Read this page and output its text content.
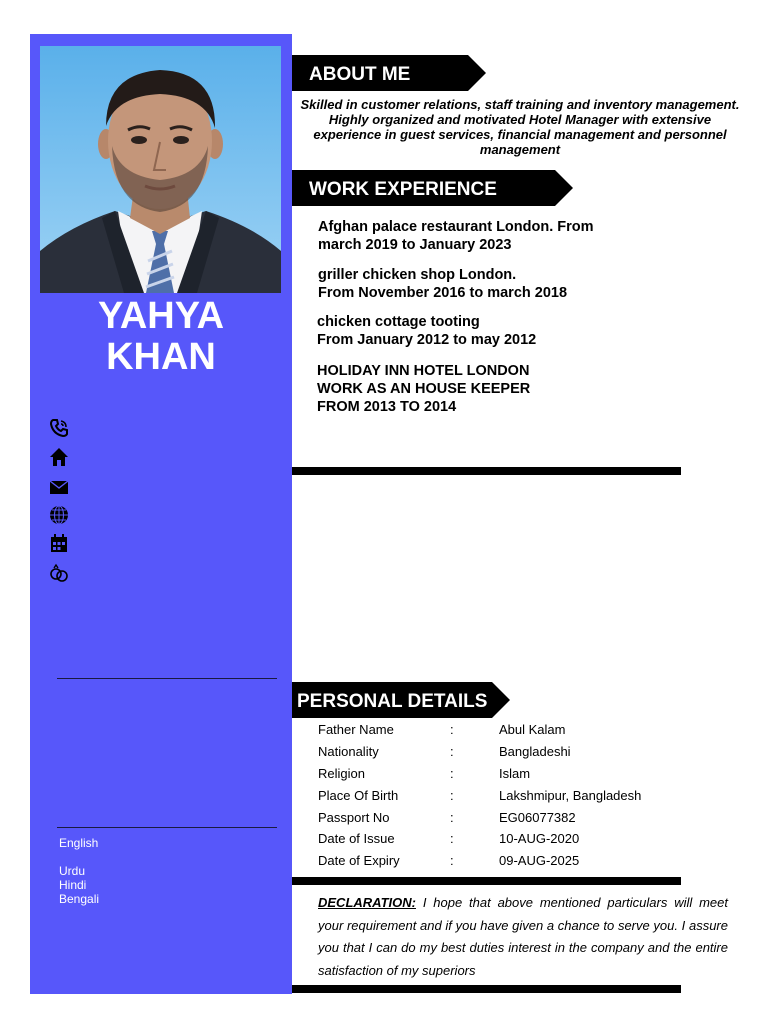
YAHYA
KHAN
English
Urdu
Hindi
Bengali
ABOUT ME
Skilled in customer relations, staff training and inventory management. Highly organized and motivated Hotel Manager with extensive experience in guest services, financial management and personnel management
WORK EXPERIENCE
Afghan palace restaurant London. From
march 2019 to January 2023
griller chicken shop London.
From November 2016 to march 2018
chicken cottage tooting
From January 2012 to may 2012
HOLIDAY INN HOTEL LONDON
WORK AS AN HOUSE KEEPER
FROM 2013 TO 2014
PERSONAL DETAILS
Father Name	:	Abul Kalam
Nationality	:	Bangladeshi
Religion	:	Islam
Place Of Birth	:	Lakshmipur, Bangladesh
Passport No	:	EG06077382
Date of Issue	:	10-AUG-2020
Date of Expiry	:	09-AUG-2025
DECLARATION: I hope that above mentioned particulars will meet your requirement and if you have given a chance to serve you. I assure you that I can do my best duties interest in the company and the entire satisfaction of my superiors
